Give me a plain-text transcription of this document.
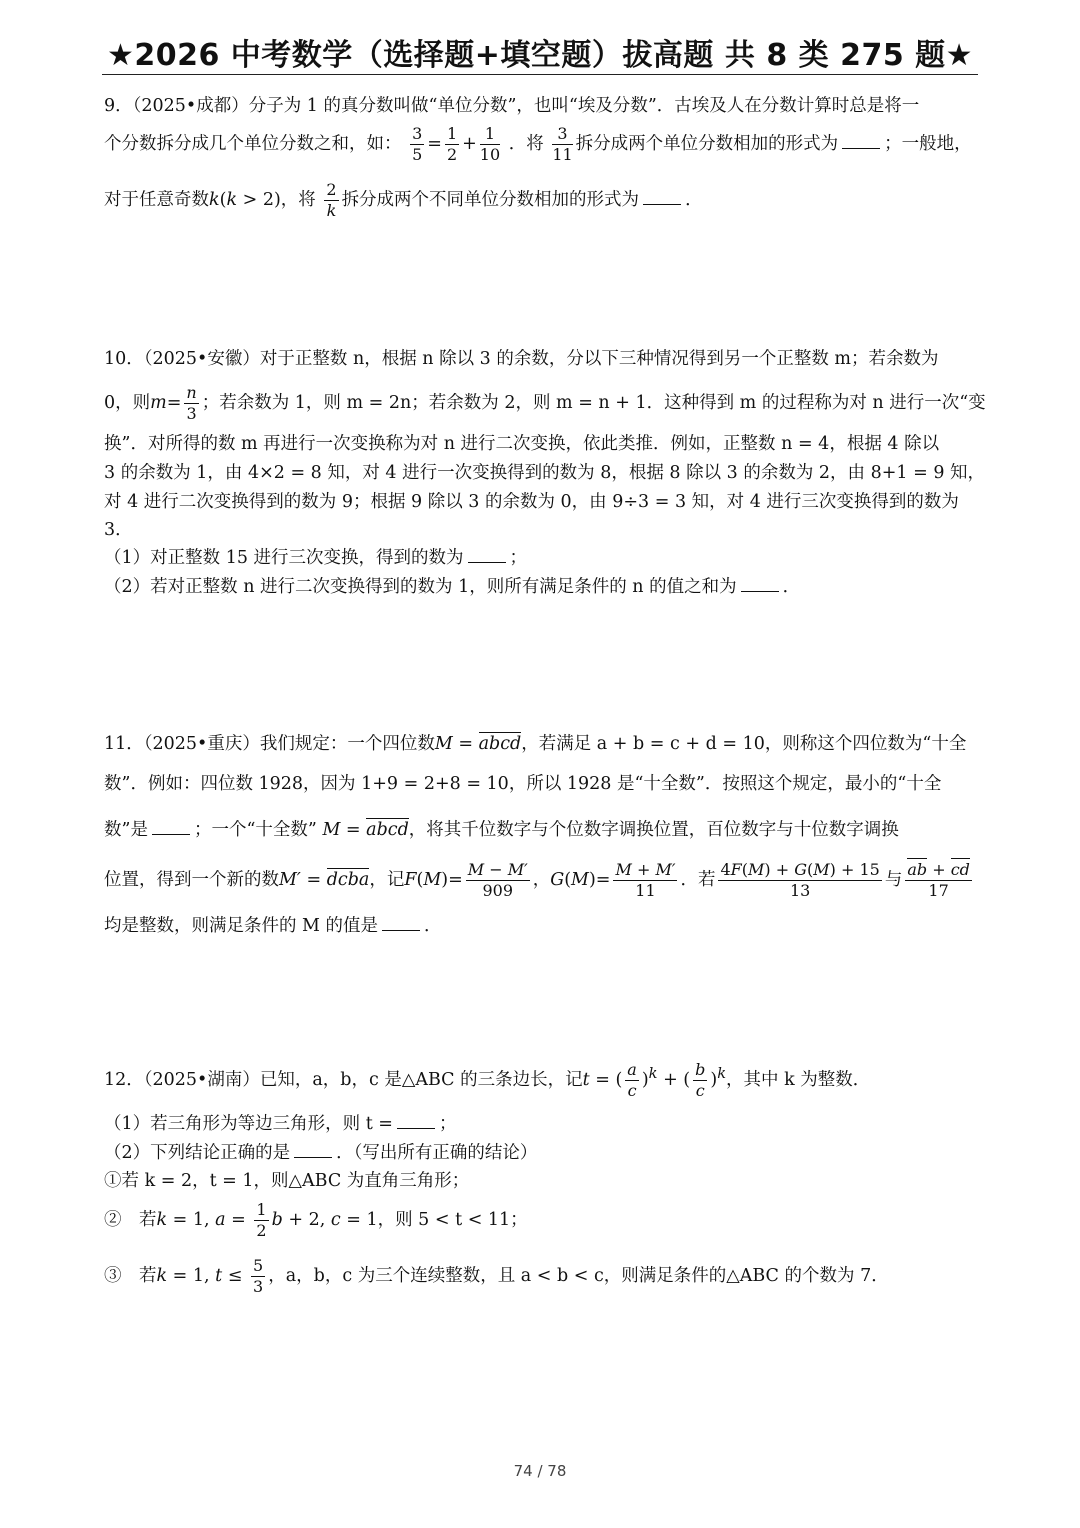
★2026 中考数学（选择题+填空题）拔高题 共 8 类 275 题★
9．（2025•成都）分子为 1 的真分数叫做“单位分数”，也叫“埃及分数”．古埃及人在分数计算时总是将一
个分数拆分成几个单位分数之和，如： $\frac{3}{5} = \frac{1}{2} + \frac{1}{10}$ ．将 $\frac{3}{11}$ 拆分成两个单位分数相加的形式为	；一般地，
对于任意奇数k(k > 2)，将 $\frac{2}{k}$ 拆分成两个不同单位分数相加的形式为	．
10．（2025•安徽）对于正整数 n，根据 n 除以 3 的余数，分以下三种情况得到另一个正整数 m；若余数为
0，则$m= \frac{n}{3}$ ；若余数为 1，则 m = 2n；若余数为 2，则 m = n + 1．这种得到 m 的过程称为对 n 进行一次“变
换”．对所得的数 m 再进行一次变换称为对 n 进行二次变换，依此类推．例如，正整数 n = 4，根据 4 除以
3 的余数为 1，由 4×2 = 8 知，对 4 进行一次变换得到的数为 8，根据 8 除以 3 的余数为 2，由 8+1 = 9 知，
对 4 进行二次变换得到的数为 9；根据 9 除以 3 的余数为 0，由 9÷3 = 3 知，对 4 进行三次变换得到的数为
3．
（1）对正整数 15 进行三次变换，得到的数为	；
（2）若对正整数 n 进行二次变换得到的数为 1，则所有满足条件的 n 的值之和为	．
11．（2025•重庆）我们规定：一个四位数M = abcd，若满足 a + b = c + d = 10，则称这个四位数为“十全
数”．例如：四位数 1928，因为 1+9 = 2+8 = 10，所以 1928 是“十全数”．按照这个规定，最小的“十全
数”是	；一个“十全数” M = abcd，将其千位数字与个位数字调换位置，百位数字与十位数字调换
位置，得到一个新的数M′ = dcba，记$F(M)= \frac{M - M'}{909}$ ，$G(M)= \frac{M + M'}{11}$ ．若 $\frac{4F(M) + G(M) + 15}{13}$ 与 $\frac{ab + cd}{17}$
均是整数，则满足条件的 M 的值是	．
12．（2025•湖南）已知，a，b，c 是△ABC 的三条边长，记t = ( $\frac{a}{c} )^k$ + ( $\frac{b}{c} )^k$，其中 k 为整数．
（1）若三角形为等边三角形，则 t =	；
（2）下列结论正确的是	．（写出所有正确的结论）
①若 k = 2，t = 1，则△ABC 为直角三角形；
②　若k = 1, $a = \frac{1}{2}$ b + 2, c = 1，则 5 < t < 11；
③　若k = 1, $t \le \frac{5}{3}$ ，a，b，c 为三个连续整数，且 a < b < c，则满足条件的△ABC 的个数为 7．
74 / 78
